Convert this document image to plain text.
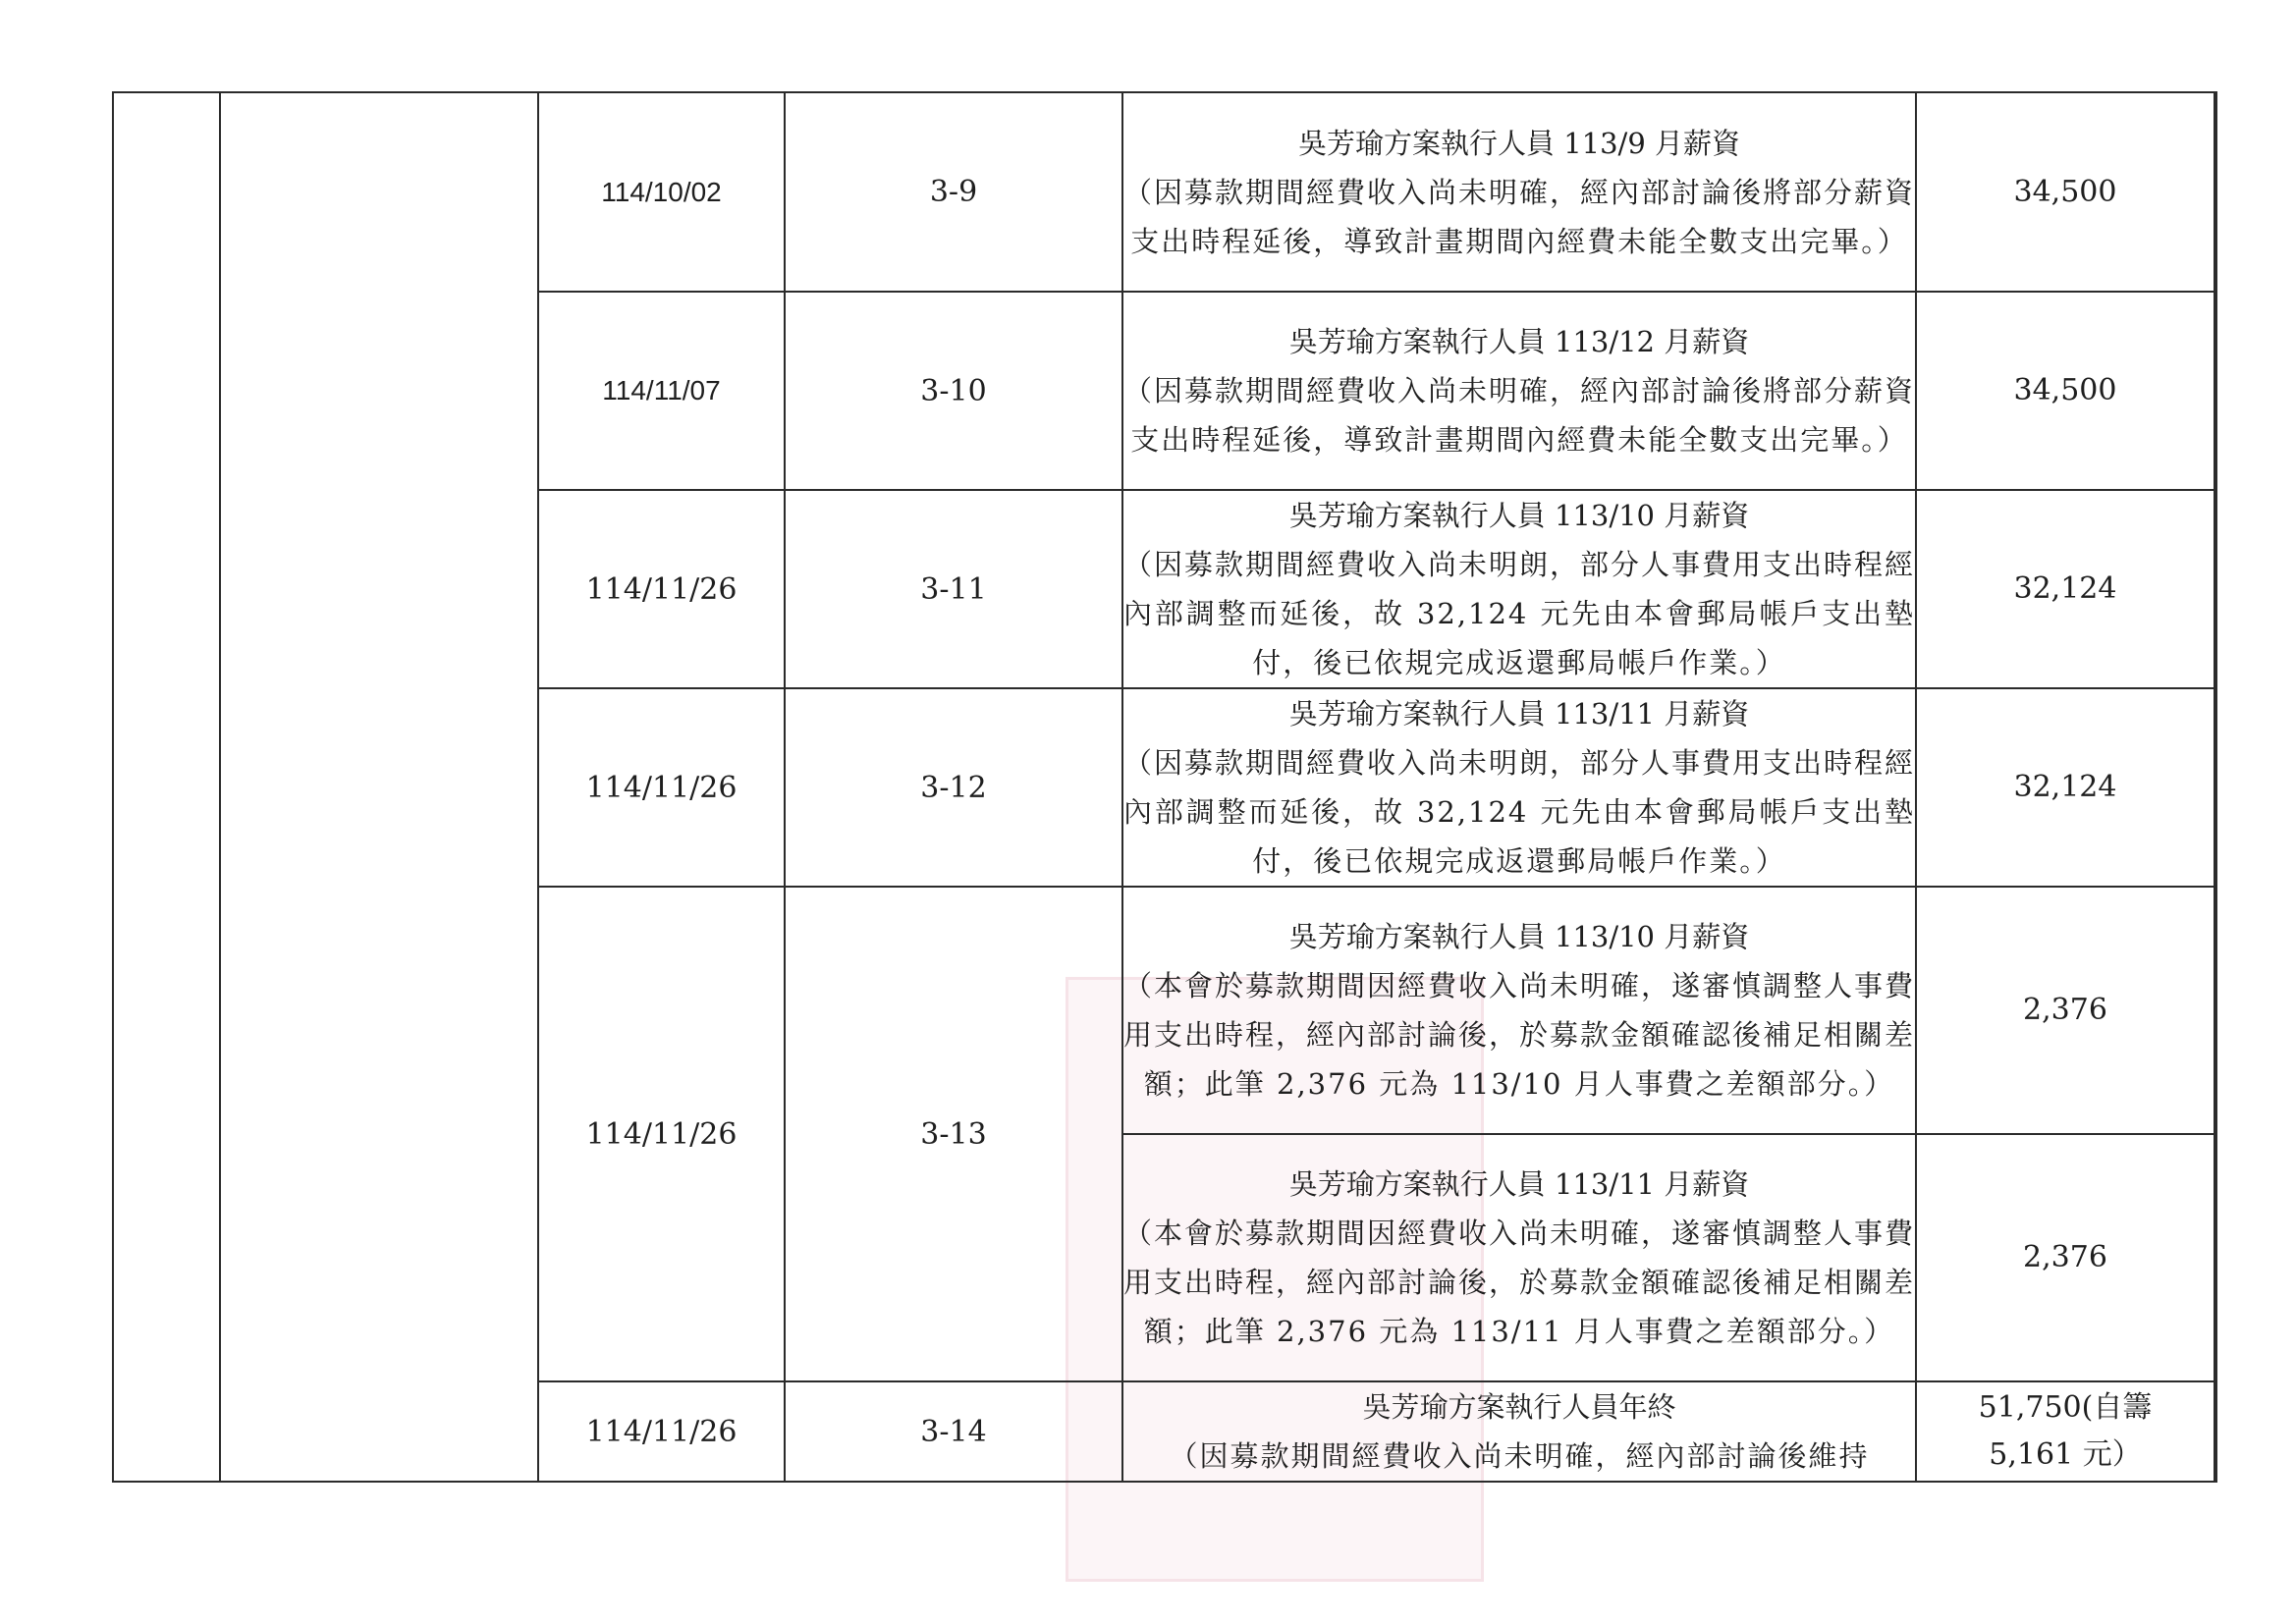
		114/10/02	3-9	吳芳瑜方案執行人員 113/9 月薪資
（因募款期間經費收入尚未明確，經內部討論後將部分薪資支出時程延後，導致計畫期間內經費未能全數支出完畢。）	34,500	
		114/11/07	3-10	吳芳瑜方案執行人員 113/12 月薪資
（因募款期間經費收入尚未明確，經內部討論後將部分薪資支出時程延後，導致計畫期間內經費未能全數支出完畢。）	34,500	
		114/11/26	3-11	吳芳瑜方案執行人員 113/10 月薪資
（因募款期間經費收入尚未明朗，部分人事費用支出時程經內部調整而延後，故 32,124 元先由本會郵局帳戶支出墊付，後已依規完成返還郵局帳戶作業。）	32,124	
		114/11/26	3-12	吳芳瑜方案執行人員 113/11 月薪資
（因募款期間經費收入尚未明朗，部分人事費用支出時程經內部調整而延後，故 32,124 元先由本會郵局帳戶支出墊付，後已依規完成返還郵局帳戶作業。）	32,124	
		114/11/26	3-13	吳芳瑜方案執行人員 113/10 月薪資
（本會於募款期間因經費收入尚未明確，遂審慎調整人事費用支出時程，經內部討論後，於募款金額確認後補足相關差額；此筆 2,376 元為 113/10 月人事費之差額部分。）	2,376	

				吳芳瑜方案執行人員 113/11 月薪資
（本會於募款期間因經費收入尚未明確，遂審慎調整人事費用支出時程，經內部討論後，於募款金額確認後補足相關差額；此筆 2,376 元為 113/11 月人事費之差額部分。）	2,376	
		114/11/26	3-14	吳芳瑜方案執行人員年終
（因募款期間經費收入尚未明確，經內部討論後維持	51,750(自籌5,161 元）	
